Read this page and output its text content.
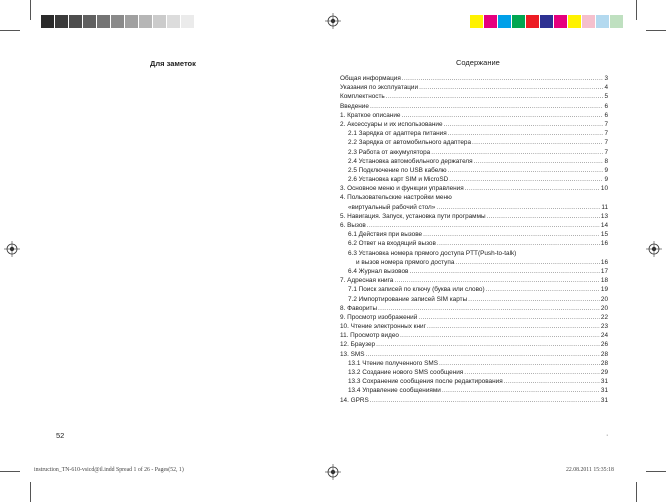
Для заметок
52
Содержание
Общая информация .....	3
Указания по эксплуатации .....	4
Комплектность .....	5
Введение .....	6
1. Краткое описание .....	6
2. Аксессуары и их использование .....	7
2.1 Зарядка от адаптера питания .....	7
2.2 Зарядка от автомобильного адаптера .....	7
2.3 Работа от аккумулятора .....	7
2.4 Установка автомобильного держателя .....	8
2.5 Подключение по USB кабелю .....	9
2.6 Установка карт SIM и MicroSD .....	9
3. Основное меню и функции управления .....	10
4. Пользовательские настройки меню
«виртуальный рабочий стол» .....	11
5. Навигация. Запуск, установка пути программы .....	13
6. Вызов .....	14
6.1 Действия при вызове .....	15
6.2 Ответ на входящий вызов .....	16
6.3 Установка номера прямого доступа PTT(Push-to-talk)
и вызов номера прямого доступа .....	16
6.4 Журнал вызовов .....	17
7. Адресная книга .....	18
7.1 Поиск записей по ключу (буква или слово) .....	19
7.2 Импортирование записей SIM карты .....	20
8. Фавориты .....	20
9. Просмотр изображений .....	22
10. Чтение электронных книг .....	23
11. Просмотр видео .....	24
12. Браузер .....	26
13. SMS .....	28
13.1 Чтение полученного SMS .....	28
13.2 Создание нового SMS сообщения .....	29
13.3 Сохранение сообщения после редактирования .....	31
13.4 Управление сообщениями .....	31
14. GPRS .....	31
·
instruction_TN-610-vsicd@il.indd Spread 1 of 26 - Pages(52, 1)	22.08.2011 15:35:18
